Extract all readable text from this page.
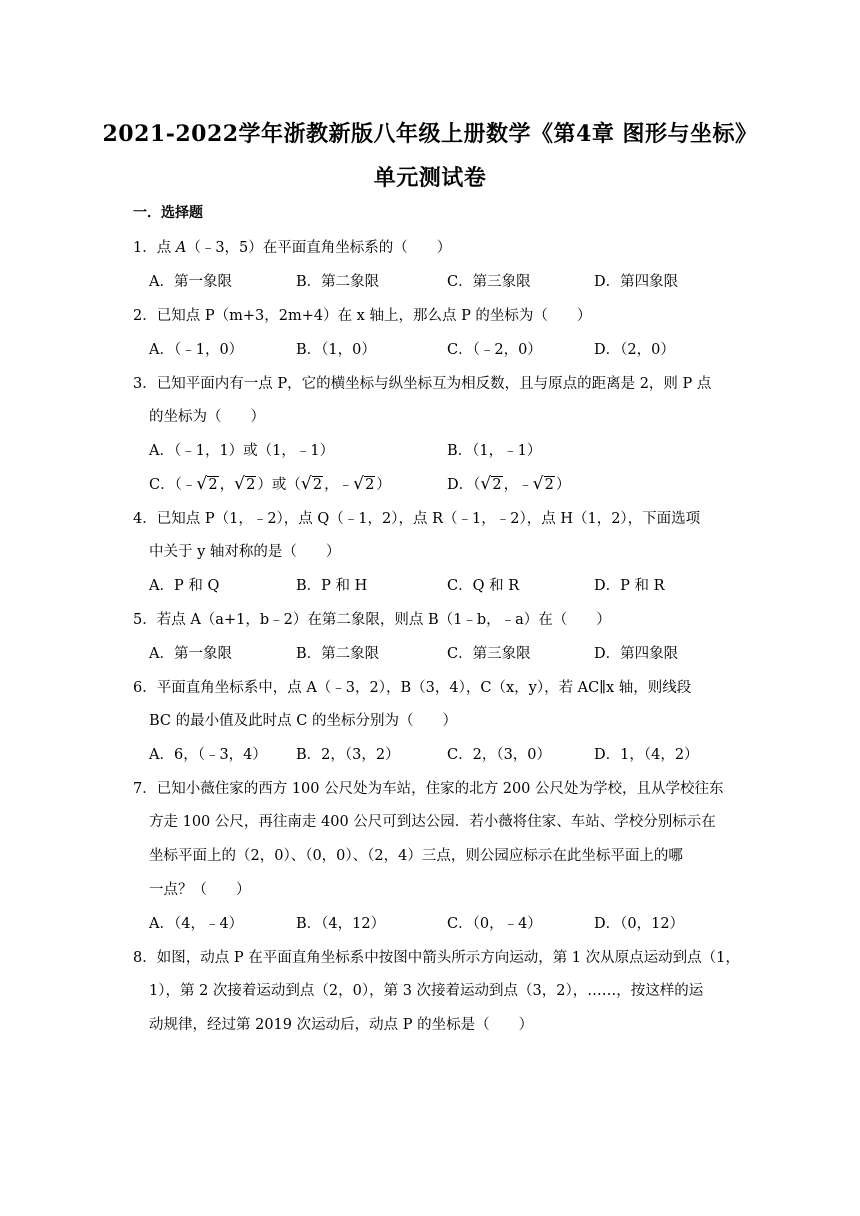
2021-2022学年浙教新版八年级上册数学《第4章 图形与坐标》
单元测试卷
一．选择题
1．点 A（﹣3，5）在平面直角坐标系的（　　）
A．第一象限	B．第二象限	C．第三象限	D．第四象限
2．已知点 P（m+3，2m+4）在 x 轴上，那么点 P 的坐标为（　　）
A．（﹣1，0）	B．（1，0）	C．（﹣2，0）	D．（2，0）
3．已知平面内有一点 P，它的横坐标与纵坐标互为相反数，且与原点的距离是 2，则 P 点
的坐标为（　　）
A．（﹣1，1）或（1，﹣1）	B．（1，﹣1）
C．（﹣ √ 2 ， √ 2 ）或（ √ 2 ，﹣ √ 2 ）	D．（ √ 2 ，﹣ √ 2 ）
4．已知点 P（1，﹣2），点 Q（﹣1，2），点 R（﹣1，﹣2），点 H（1，2），下面选项
中关于 y 轴对称的是（　　）
A．P 和 Q	B．P 和 H	C．Q 和 R	D．P 和 R
5．若点 A（a+1，b﹣2）在第二象限，则点 B（1﹣b，﹣a）在（　　）
A．第一象限	B．第二象限	C．第三象限	D．第四象限
6．平面直角坐标系中，点 A（﹣3，2），B（3，4），C（x，y），若 AC∥x 轴，则线段
BC 的最小值及此时点 C 的坐标分别为（　　）
A．6，（﹣3，4） B．2，（3，2）	C．2，（3，0）	D．1，（4，2）
7．已知小薇住家的西方 100 公尺处为车站，住家的北方 200 公尺处为学校，且从学校往东
方走 100 公尺，再往南走 400 公尺可到达公园．若小薇将住家、车站、学校分别标示在
坐标平面上的（2，0）、（0，0）、（2，4）三点，则公园应标示在此坐标平面上的哪
一点？（　　）
A．（4，﹣4）	B．（4，12）	C．（0，﹣4）	D．（0，12）
8．如图，动点 P 在平面直角坐标系中按图中箭头所示方向运动，第 1 次从原点运动到点（1，
1），第 2 次接着运动到点（2，0），第 3 次接着运动到点（3，2），……，按这样的运
动规律，经过第 2019 次运动后，动点 P 的坐标是（　　）
